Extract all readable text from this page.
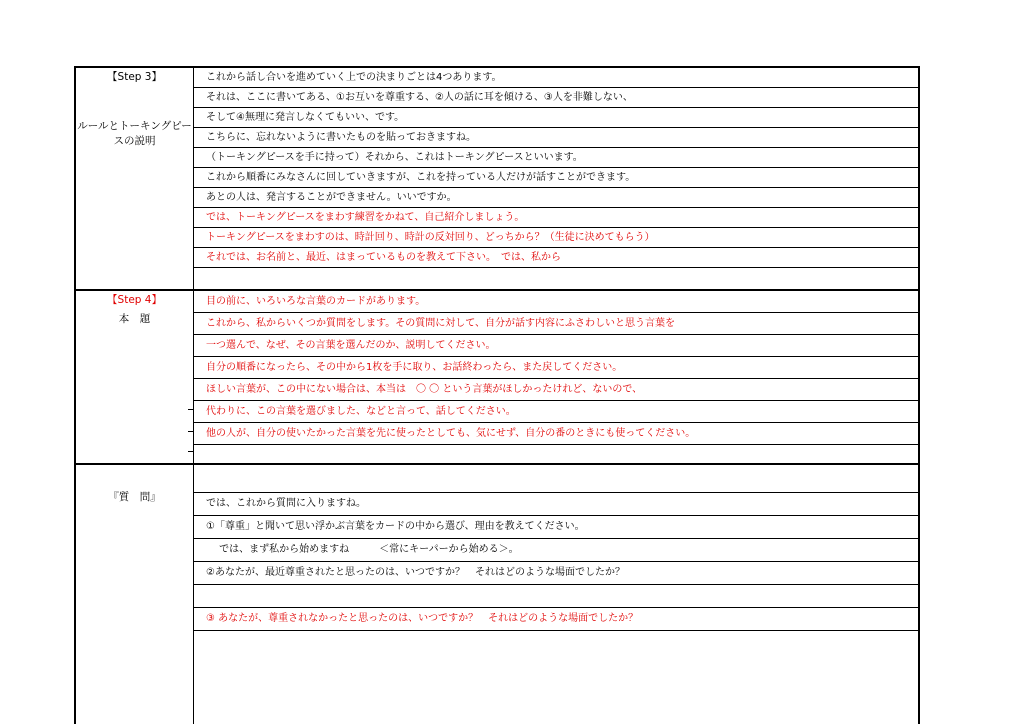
【Step 3】
ルールとトーキングピースの説明
これから話し合いを進めていく上での決まりごとは4つあります。
それは、ここに書いてある、①お互いを尊重する、②人の話に耳を傾ける、③人を非難しない、
そして④無理に発言しなくてもいい、です。
こちらに、忘れないように書いたものを貼っておきますね。
（トーキングピースを手に持って）それから、これはトーキングピースといいます。
これから順番にみなさんに回していきますが、これを持っている人だけが話すことができます。
あとの人は、発言することができません。いいですか。
では、トーキングピースをまわす練習をかねて、自己紹介しましょう。
トーキングピースをまわすのは、時計回り、時計の反対回り、どっちから？（生徒に決めてもらう）
それでは、お名前と、最近、はまっているものを教えて下さい。　では、私から
【Step 4】
本　題
目の前に、いろいろな言葉のカードがあります。
これから、私からいくつか質問をします。その質問に対して、自分が話す内容にふさわしいと思う言葉を
一つ選んで、なぜ、その言葉を選んだのか、説明してください。
自分の順番になったら、その中から1枚を手に取り、お話終わったら、また戻してください。
ほしい言葉が、この中にない場合は、本当は　〇 〇 という言葉がほしかったけれど、ないので、
代わりに、この言葉を選びました、などと言って、話してください。
他の人が、自分の使いたかった言葉を先に使ったとしても、気にせず、自分の番のときにも使ってください。
『質　問』
では、これから質問に入りますね。
①「尊重」と聞いて思い浮かぶ言葉をカードの中から選び、理由を教えてください。
　 では、まず私から始めますね　　　＜常にキーパーから始める＞。
②あなたが、最近尊重されたと思ったのは、いつですか？　それはどのような場面でしたか？
③ あなたが、尊重されなかったと思ったのは、いつですか？　それはどのような場面でしたか？
